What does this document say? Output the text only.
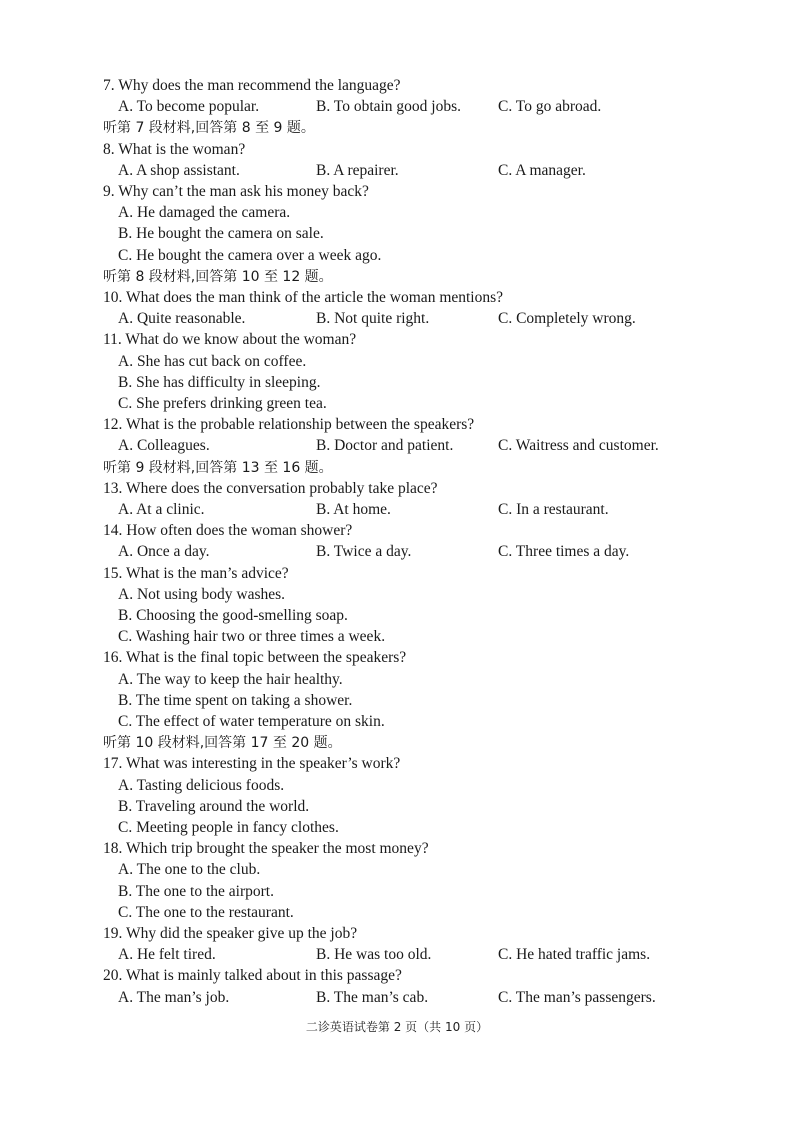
7. Why does the man recommend the language?
A. To become popular.	B. To obtain good jobs. C. To go abroad.
听第 7 段材料,回答第 8 至 9 题。
8. What is the woman?
A. A shop assistant.	B. A repairer.	C. A manager.
9. Why can’t the man ask his money back?
A. He damaged the camera.
B. He bought the camera on sale.
C. He bought the camera over a week ago.
听第 8 段材料,回答第 10 至 12 题。
10. What does the man think of the article the woman mentions?
A. Quite reasonable.	B. Not quite right.	C. Completely wrong.
11. What do we know about the woman?
A. She has cut back on coffee.
B. She has difficulty in sleeping.
C. She prefers drinking green tea.
12. What is the probable relationship between the speakers?
A. Colleagues.	B. Doctor and patient.	C. Waitress and customer.
听第 9 段材料,回答第 13 至 16 题。
13. Where does the conversation probably take place?
A. At a clinic.	B. At home.	C. In a restaurant.
14. How often does the woman shower?
A. Once a day.	B. Twice a day.	C. Three times a day.
15. What is the man’s advice?
A. Not using body washes.
B. Choosing the good-smelling soap.
C. Washing hair two or three times a week.
16. What is the final topic between the speakers?
A. The way to keep the hair healthy.
B. The time spent on taking a shower.
C. The effect of water temperature on skin.
听第 10 段材料,回答第 17 至 20 题。
17. What was interesting in the speaker’s work?
A. Tasting delicious foods.
B. Traveling around the world.
C. Meeting people in fancy clothes.
18. Which trip brought the speaker the most money?
A. The one to the club.
B. The one to the airport.
C. The one to the restaurant.
19. Why did the speaker give up the job?
A. He felt tired.	B. He was too old.	C. He hated traffic jams.
20. What is mainly talked about in this passage?
A. The man’s job.	B. The man’s cab.	C. The man’s passengers.
二诊英语试卷第 2 页（共 10 页）
